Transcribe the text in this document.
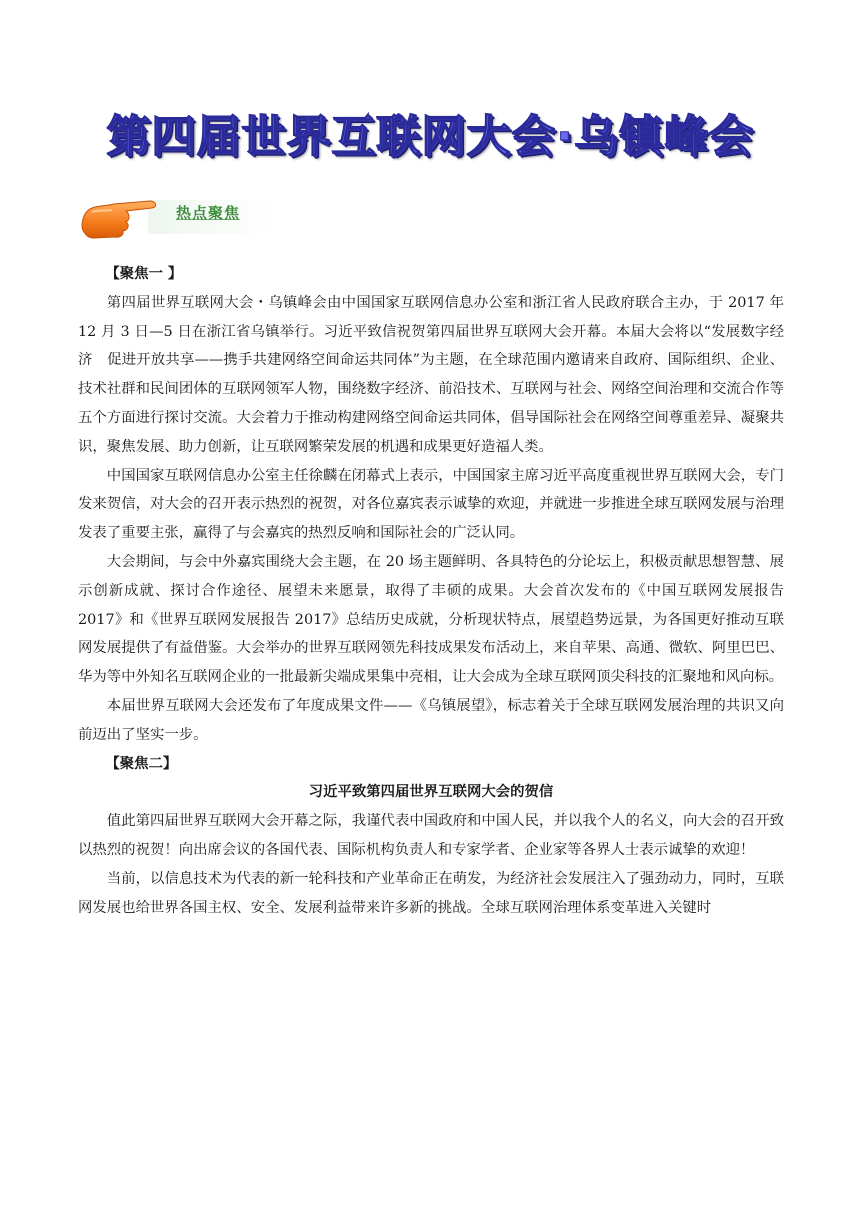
第四届世界互联网大会·乌镇峰会
热点聚焦

【聚焦一 】

第四届世界互联网大会・乌镇峰会由中国国家互联网信息办公室和浙江省人民政府联合主办，于 2017 年 12 月 3 日—5 日在浙江省乌镇举行。习近平致信祝贺第四届世界互联网大会开幕。本届大会将以“发展数字经济　促进开放共享——携手共建网络空间命运共同体”为主题，在全球范围内邀请来自政府、国际组织、企业、技术社群和民间团体的互联网领军人物，围绕数字经济、前沿技术、互联网与社会、网络空间治理和交流合作等五个方面进行探讨交流。大会着力于推动构建网络空间命运共同体，倡导国际社会在网络空间尊重差异、凝聚共识，聚焦发展、助力创新，让互联网繁荣发展的机遇和成果更好造福人类。

中国国家互联网信息办公室主任徐麟在闭幕式上表示，中国国家主席习近平高度重视世界互联网大会，专门发来贺信，对大会的召开表示热烈的祝贺，对各位嘉宾表示诚挚的欢迎，并就进一步推进全球互联网发展与治理发表了重要主张，赢得了与会嘉宾的热烈反响和国际社会的广泛认同。

大会期间，与会中外嘉宾围绕大会主题，在 20 场主题鲜明、各具特色的分论坛上，积极贡献思想智慧、展示创新成就、探讨合作途径、展望未来愿景，取得了丰硕的成果。大会首次发布的《中国互联网发展报告 2017》和《世界互联网发展报告 2017》总结历史成就，分析现状特点，展望趋势远景，为各国更好推动互联网发展提供了有益借鉴。大会举办的世界互联网领先科技成果发布活动上，来自苹果、高通、微软、阿里巴巴、华为等中外知名互联网企业的一批最新尖端成果集中亮相，让大会成为全球互联网顶尖科技的汇聚地和风向标。

本届世界互联网大会还发布了年度成果文件——《乌镇展望》，标志着关于全球互联网发展治理的共识又向前迈出了坚实一步。

【聚焦二】

习近平致第四届世界互联网大会的贺信

值此第四届世界互联网大会开幕之际，我谨代表中国政府和中国人民，并以我个人的名义，向大会的召开致以热烈的祝贺！向出席会议的各国代表、国际机构负责人和专家学者、企业家等各界人士表示诚挚的欢迎！

当前，以信息技术为代表的新一轮科技和产业革命正在萌发，为经济社会发展注入了强劲动力，同时，互联网发展也给世界各国主权、安全、发展利益带来许多新的挑战。全球互联网治理体系变革进入关键时
